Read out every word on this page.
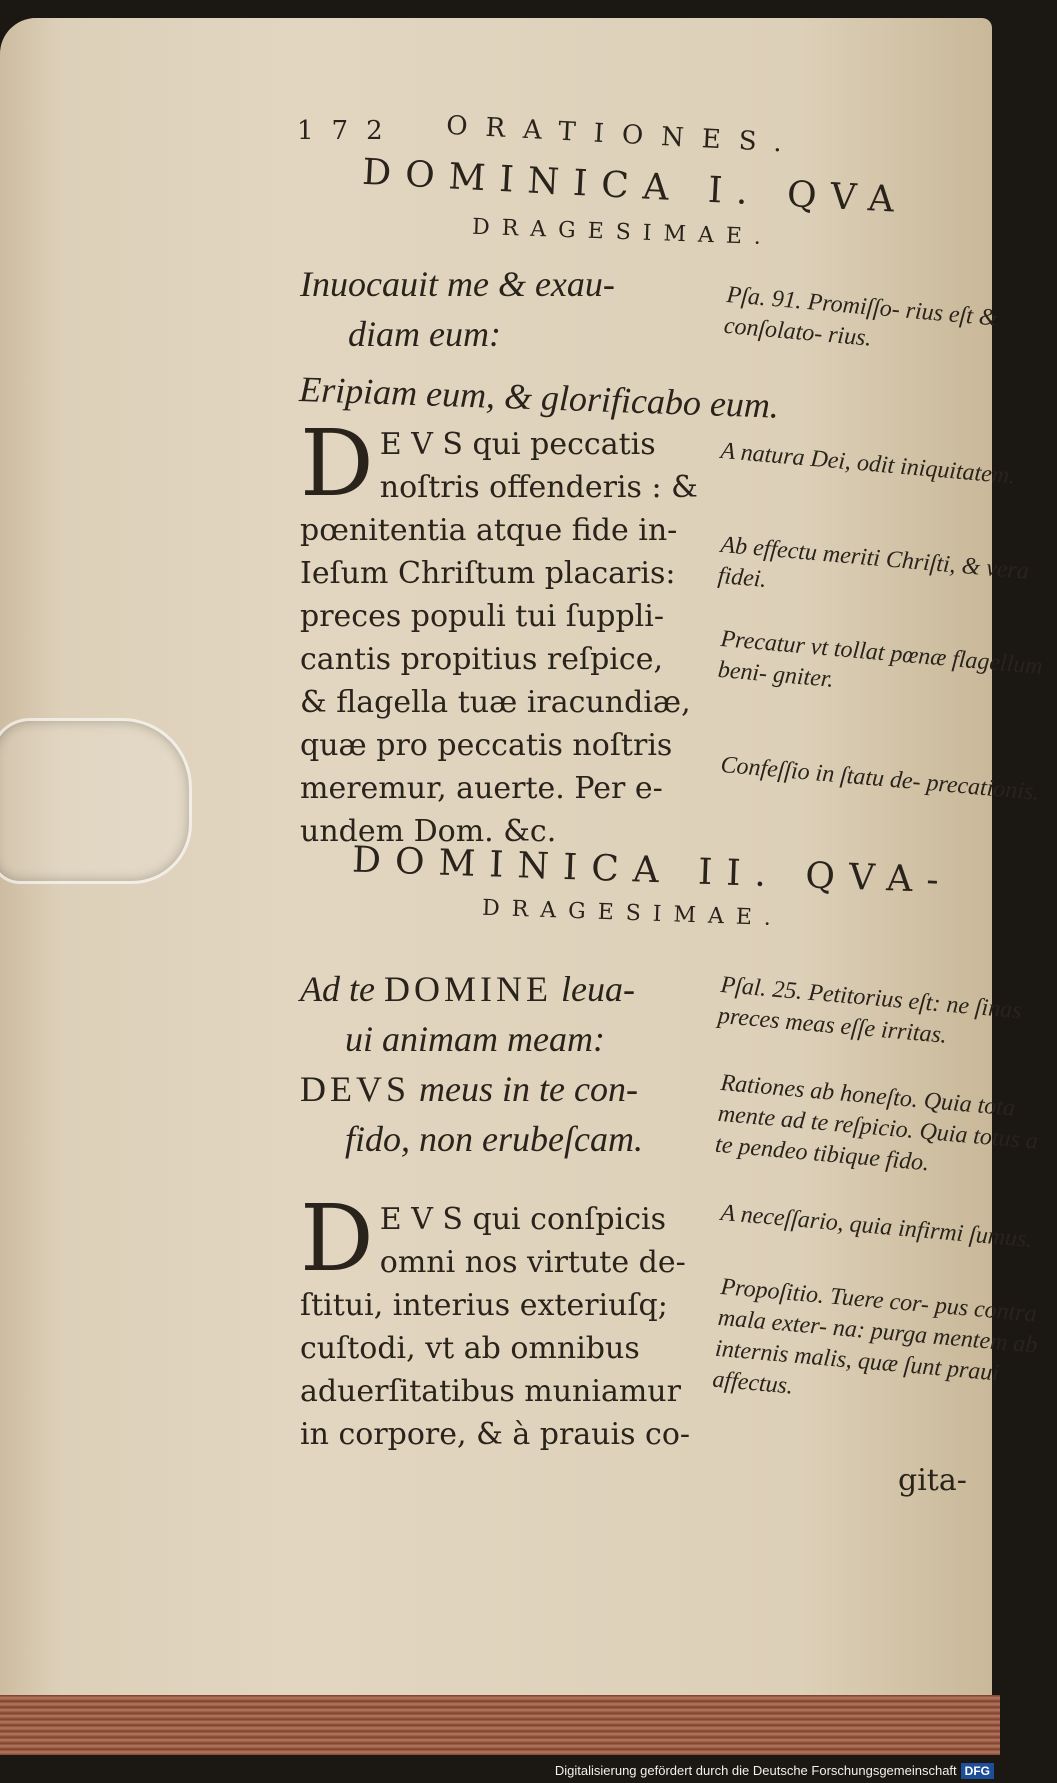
172 ORATIONES.
DOMINICA I. QVA
DRAGESIMAE.
Inuocauit me & exau-
diam eum:
Eripiam eum, & glorificabo eum.
D E V S qui peccatis
noſtris offenderis : &
pœnitentia atque fide in-
Ieſum Chriſtum placaris:
preces populi tui ſuppli-
cantis propitius reſpice,
& flagella tuæ iracundiæ,
quæ pro peccatis noſtris
meremur, auerte. Per e-
undem Dom. &c.
Pſa. 91. Promiſſo- rius eſt & conſolato- rius.
A natura Dei, odit iniquitatem.
Ab effectu meriti Chriſti, & vera fidei.
Precatur vt tollat pœnæ flagellum beni- gniter.
Confeſſio in ſtatu de- precationis.
DOMINICA II. QVA-
DRAGESIMAE.
Ad te DOMINE leua-
ui animam meam:
DEVS meus in te con-
fido, non erubeſcam.
D E V S qui conſpicis
omni nos virtute de-
ſtitui, interius exteriuſq;
cuſtodi, vt ab omnibus
aduerſitatibus muniamur
in corpore, & à prauis co-
Pſal. 25. Petitorius eſt: ne ſinas preces meas eſſe irritas.
Rationes ab honeſto. Quia tota mente ad te reſpicio. Quia totus a te pendeo tibique fido.
A neceſſario, quia infirmi ſumus.
Propoſitio. Tuere cor- pus contra mala exter- na: purga mentem ab internis malis, quæ ſunt praui affectus.
gita-
Digitalisierung gefördert durch die Deutsche Forschungsgemeinschaft DFG
